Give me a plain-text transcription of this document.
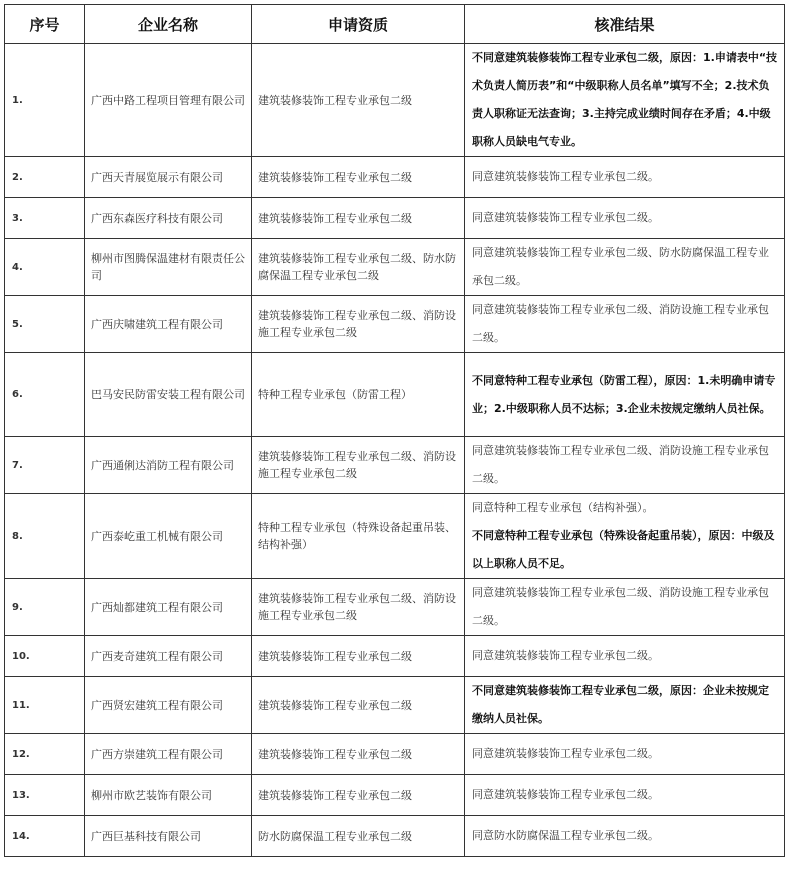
序号	企业名称	申请资质	核准结果
1.	广西中路工程项目管理有限公司	建筑装修装饰工程专业承包二级	不同意建筑装修装饰工程专业承包二级，原因：1.申请表中“技术负责人简历表”和“中级职称人员名单”填写不全；2.技术负责人职称证无法查询；3.主持完成业绩时间存在矛盾；4.中级职称人员缺电气专业。
2.	广西天青展览展示有限公司	建筑装修装饰工程专业承包二级	同意建筑装修装饰工程专业承包二级。
3.	广西东森医疗科技有限公司	建筑装修装饰工程专业承包二级	同意建筑装修装饰工程专业承包二级。
4.	柳州市图腾保温建材有限责任公司	建筑装修装饰工程专业承包二级、防水防腐保温工程专业承包二级	同意建筑装修装饰工程专业承包二级、防水防腐保温工程专业承包二级。
5.	广西庆啸建筑工程有限公司	建筑装修装饰工程专业承包二级、消防设施工程专业承包二级	同意建筑装修装饰工程专业承包二级、消防设施工程专业承包二级。
6.	巴马安民防雷安装工程有限公司	特种工程专业承包（防雷工程）	不同意特种工程专业承包（防雷工程），原因：1.未明确申请专业；2.中级职称人员不达标；3.企业未按规定缴纳人员社保。
7.	广西通俐达消防工程有限公司	建筑装修装饰工程专业承包二级、消防设施工程专业承包二级	同意建筑装修装饰工程专业承包二级、消防设施工程专业承包二级。
8.	广西泰屹重工机械有限公司	特种工程专业承包（特殊设备起重吊装、结构补强）	同意特种工程专业承包（结构补强）。
不同意特种工程专业承包（特殊设备起重吊装），原因：中级及以上职称人员不足。

9.	广西灿都建筑工程有限公司	建筑装修装饰工程专业承包二级、消防设施工程专业承包二级	同意建筑装修装饰工程专业承包二级、消防设施工程专业承包二级。
10.	广西麦奇建筑工程有限公司	建筑装修装饰工程专业承包二级	同意建筑装修装饰工程专业承包二级。
11.	广西贤宏建筑工程有限公司	建筑装修装饰工程专业承包二级	不同意建筑装修装饰工程专业承包二级，原因：企业未按规定缴纳人员社保。
12.	广西方崇建筑工程有限公司	建筑装修装饰工程专业承包二级	同意建筑装修装饰工程专业承包二级。
13.	柳州市欧艺装饰有限公司	建筑装修装饰工程专业承包二级	同意建筑装修装饰工程专业承包二级。
14.	广西巨基科技有限公司	防水防腐保温工程专业承包二级	同意防水防腐保温工程专业承包二级。
